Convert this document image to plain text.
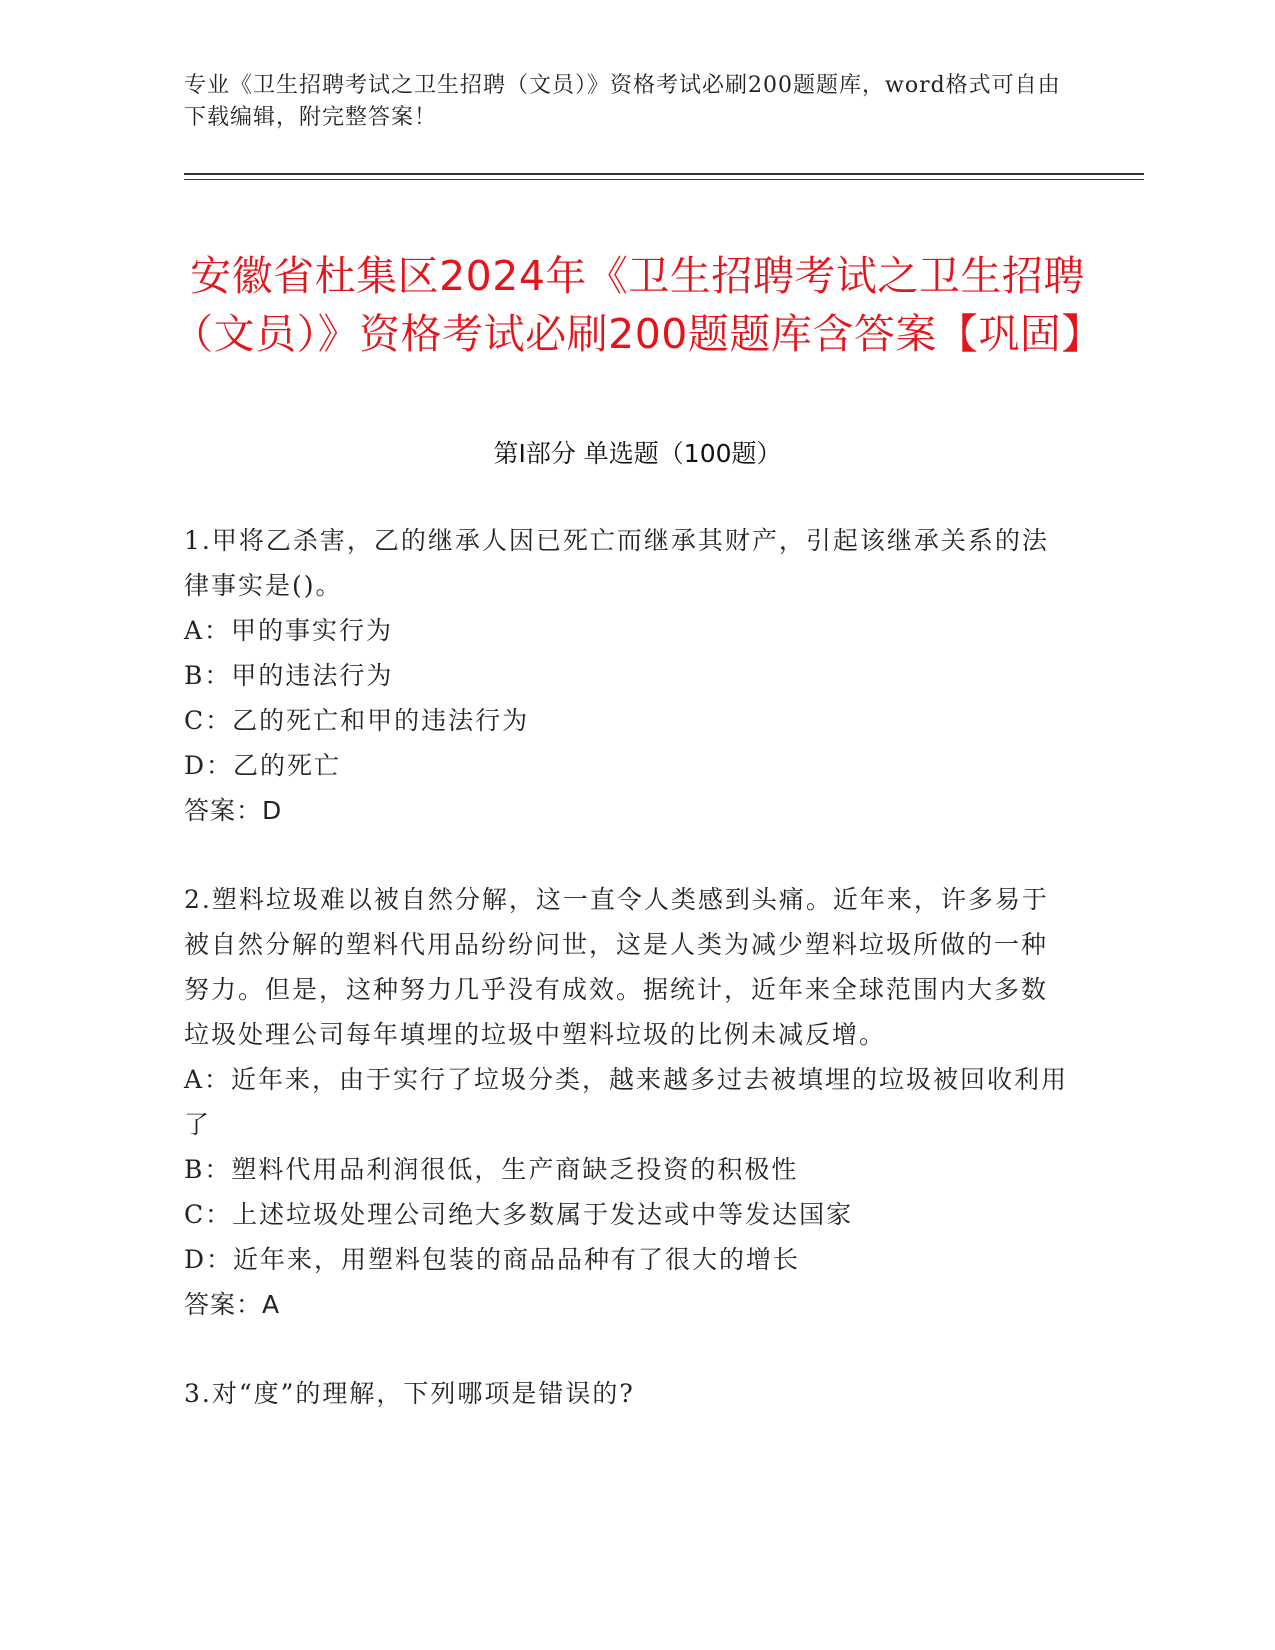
专业《卫生招聘考试之卫生招聘（文员）》资格考试必刷200题题库，word格式可自由下载编辑，附完整答案！
安徽省杜集区2024年《卫生招聘考试之卫生招聘（文员）》资格考试必刷200题题库含答案【巩固】
第I部分 单选题（100题）

1.甲将乙杀害，乙的继承人因已死亡而继承其财产，引起该继承关系的法律事实是()。

A：甲的事实行为

B：甲的违法行为

C：乙的死亡和甲的违法行为

D：乙的死亡

答案：D

2.塑料垃圾难以被自然分解，这一直令人类感到头痛。近年来，许多易于被自然分解的塑料代用品纷纷问世，这是人类为减少塑料垃圾所做的一种努力。但是，这种努力几乎没有成效。据统计，近年来全球范围内大多数垃圾处理公司每年填埋的垃圾中塑料垃圾的比例未减反增。

A：近年来，由于实行了垃圾分类，越来越多过去被填埋的垃圾被回收利用了

B：塑料代用品利润很低，生产商缺乏投资的积极性

C：上述垃圾处理公司绝大多数属于发达或中等发达国家

D：近年来，用塑料包装的商品品种有了很大的增长

答案：A

3.对“度”的理解，下列哪项是错误的?
